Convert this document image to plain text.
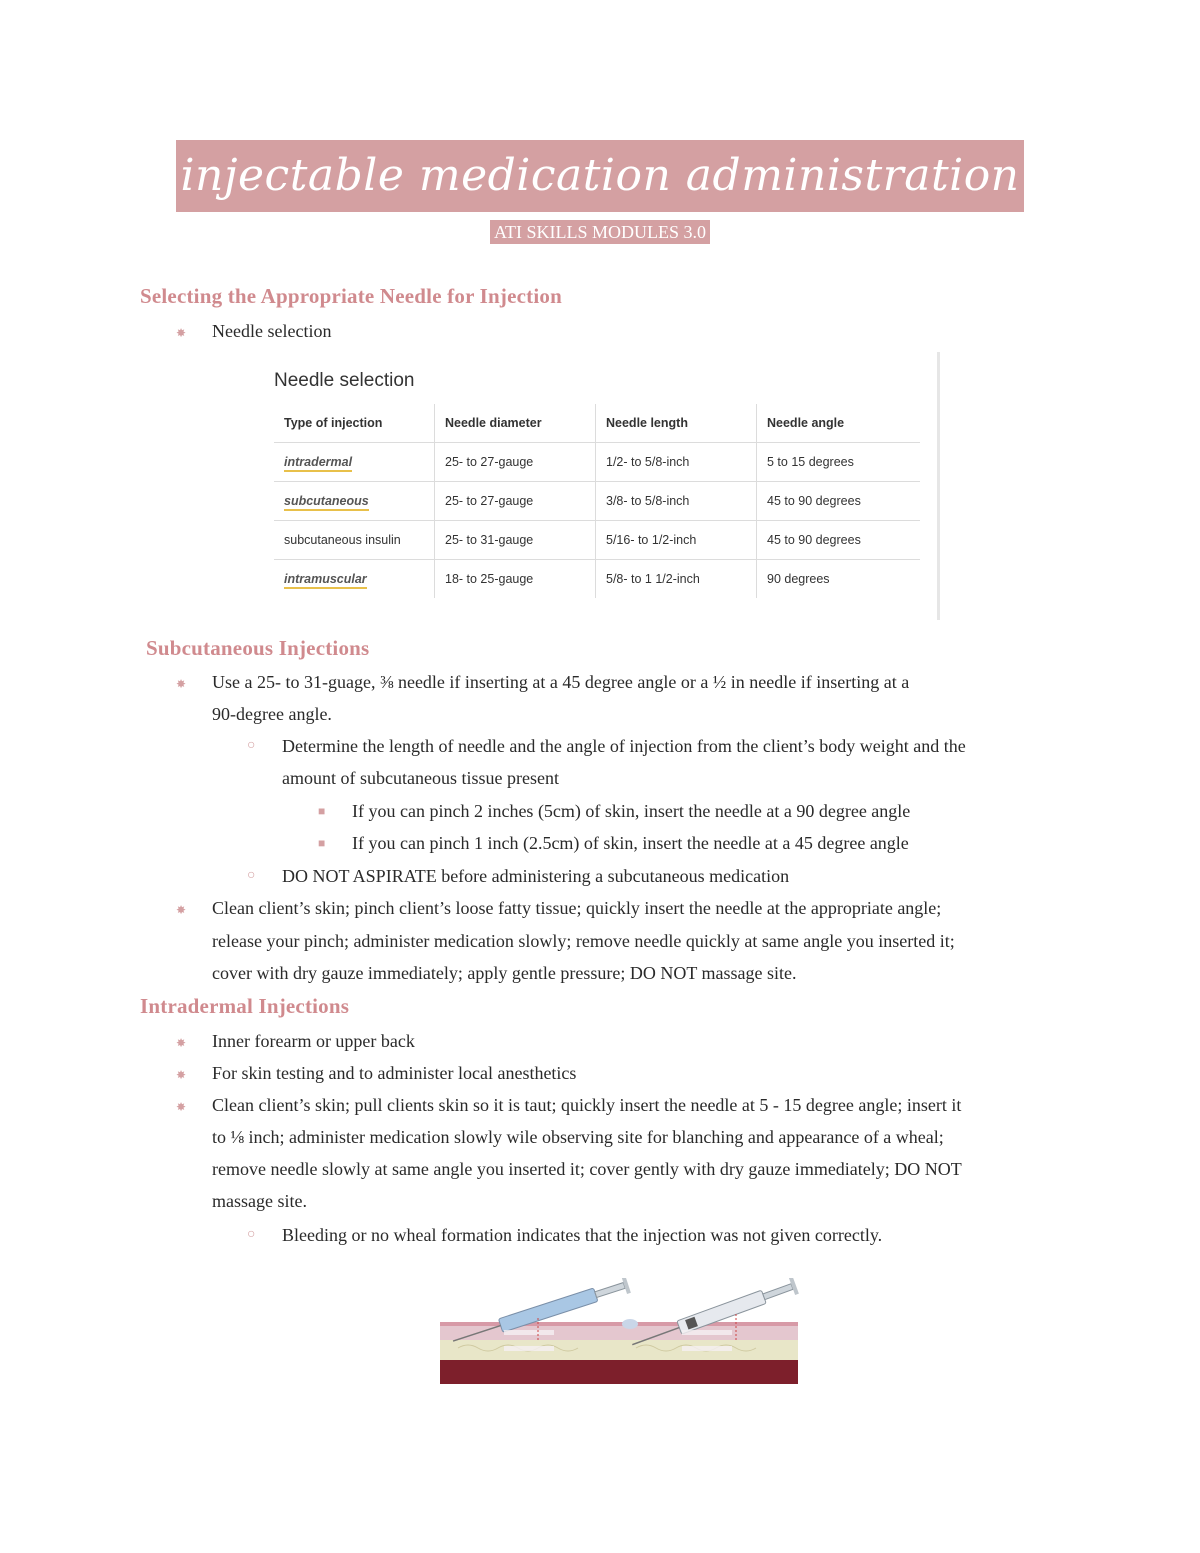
injectable medication administration
ATI SKILLS MODULES 3.0
Selecting the Appropriate Needle for Injection
✸ Needle selection
Needle selection
Type of injection	Needle diameter	Needle length	Needle angle
intradermal	25- to 27-gauge	1/2- to 5/8-inch	5 to 15 degrees
subcutaneous	25- to 27-gauge	3/8- to 5/8-inch	45 to 90 degrees
subcutaneous insulin	25- to 31-gauge	5/16- to 1/2-inch	45 to 90 degrees
intramuscular	18- to 25-gauge	5/8- to 1 1/2-inch	90 degrees
Subcutaneous Injections
✸ Use a 25- to 31-guage, ⅜ needle if inserting at a 45 degree angle or a ½ in needle if inserting at a
90-degree angle.
○ Determine the length of needle and the angle of injection from the client’s body weight and the
amount of subcutaneous tissue present
■ If you can pinch 2 inches (5cm) of skin, insert the needle at a 90 degree angle
■ If you can pinch 1 inch (2.5cm) of skin, insert the needle at a 45 degree angle
○ DO NOT ASPIRATE before administering a subcutaneous medication
✸ Clean client’s skin; pinch client’s loose fatty tissue; quickly insert the needle at the appropriate angle;
release your pinch; administer medication slowly; remove needle quickly at same angle you inserted it;
cover with dry gauze immediately; apply gentle pressure; DO NOT massage site.
Intradermal Injections
✸ Inner forearm or upper back
✸ For skin testing and to administer local anesthetics
✸ Clean client’s skin; pull clients skin so it is taut; quickly insert the needle at 5 - 15 degree angle; insert it
to ⅛ inch; administer medication slowly wile observing site for blanching and appearance of a wheal;
remove needle slowly at same angle you inserted it; cover gently with dry gauze immediately; DO NOT
massage site.
○ Bleeding or no wheal formation indicates that the injection was not given correctly.
